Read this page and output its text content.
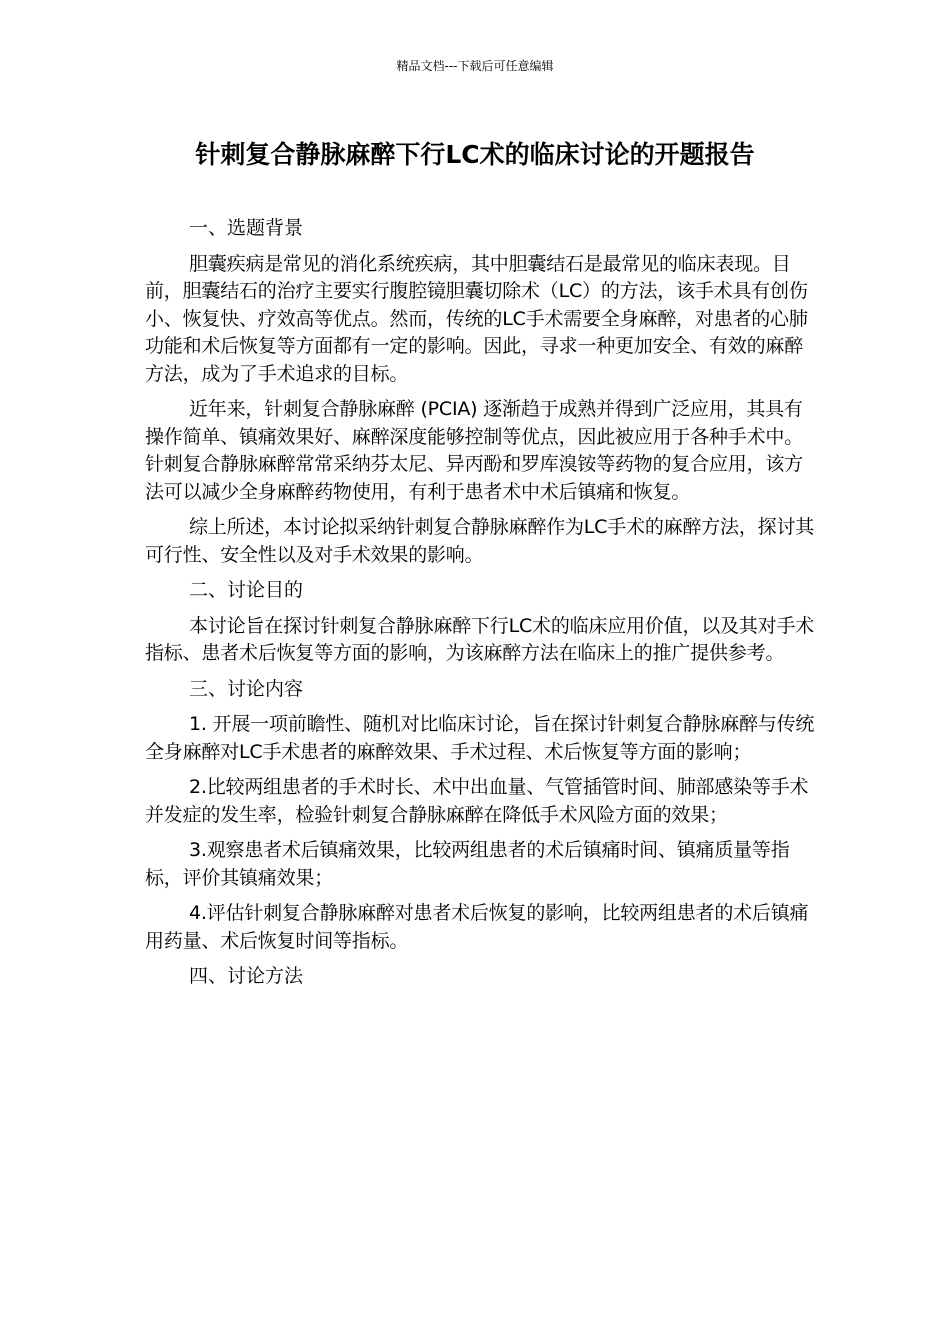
精品文档---下载后可任意编辑
针刺复合静脉麻醉下行LC术的临床讨论的开题报告

一、选题背景

胆囊疾病是常见的消化系统疾病，其中胆囊结石是最常见的临床表现。目前，胆囊结石的治疗主要实行腹腔镜胆囊切除术（LC）的方法，该手术具有创伤小、恢复快、疗效高等优点。然而，传统的LC手术需要全身麻醉，对患者的心肺功能和术后恢复等方面都有一定的影响。因此，寻求一种更加安全、有效的麻醉方法，成为了手术追求的目标。

近年来，针刺复合静脉麻醉 (PCIA) 逐渐趋于成熟并得到广泛应用，其具有操作简单、镇痛效果好、麻醉深度能够控制等优点，因此被应用于各种手术中。针刺复合静脉麻醉常常采纳芬太尼、异丙酚和罗库溴铵等药物的复合应用，该方法可以减少全身麻醉药物使用，有利于患者术中术后镇痛和恢复。

综上所述，本讨论拟采纳针刺复合静脉麻醉作为LC手术的麻醉方法，探讨其可行性、安全性以及对手术效果的影响。

二、讨论目的

本讨论旨在探讨针刺复合静脉麻醉下行LC术的临床应用价值，以及其对手术指标、患者术后恢复等方面的影响，为该麻醉方法在临床上的推广提供参考。

三、讨论内容

1. 开展一项前瞻性、随机对比临床讨论，旨在探讨针刺复合静脉麻醉与传统全身麻醉对LC手术患者的麻醉效果、手术过程、术后恢复等方面的影响；

2.比较两组患者的手术时长、术中出血量、气管插管时间、肺部感染等手术并发症的发生率，检验针刺复合静脉麻醉在降低手术风险方面的效果；

3.观察患者术后镇痛效果，比较两组患者的术后镇痛时间、镇痛质量等指标，评价其镇痛效果；

4.评估针刺复合静脉麻醉对患者术后恢复的影响，比较两组患者的术后镇痛用药量、术后恢复时间等指标。

四、讨论方法
